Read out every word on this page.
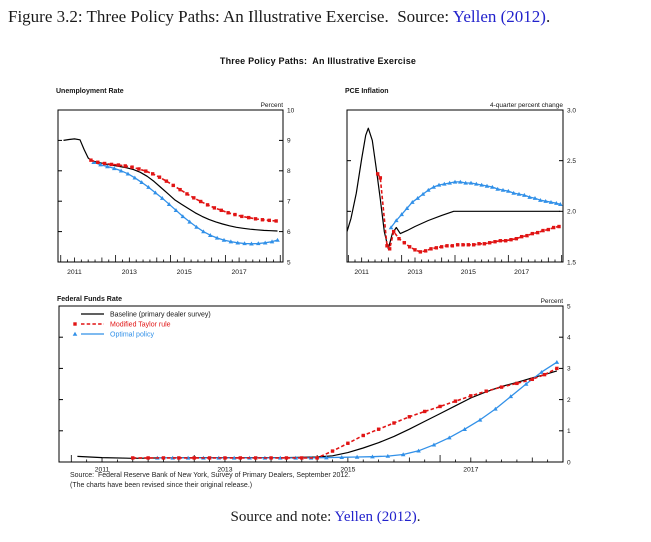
Figure 3.2: Three Policy Paths: An Illustrative Exercise.  Source: Yellen (2012).
Three Policy Paths:  An Illustrative Exercise
5
6
7
8
9
10
2011	2013	2015	2017
Unemployment Rate
Percent
1.5
2.0
2.5
3.0
2011	2013	2015	2017
PCE Inflation
4-quarter percent change
0
1
2
3
4
5
2011	2013	2015	2017
Federal Funds Rate	Percent
Baseline (primary dealer survey)
Modified Taylor rule
Optimal policy
Source:  Federal Reserve Bank of New York, Survey of Primary Dealers, September 2012.
(The charts have been revised since their original release.)
Source and note: Yellen (2012).
